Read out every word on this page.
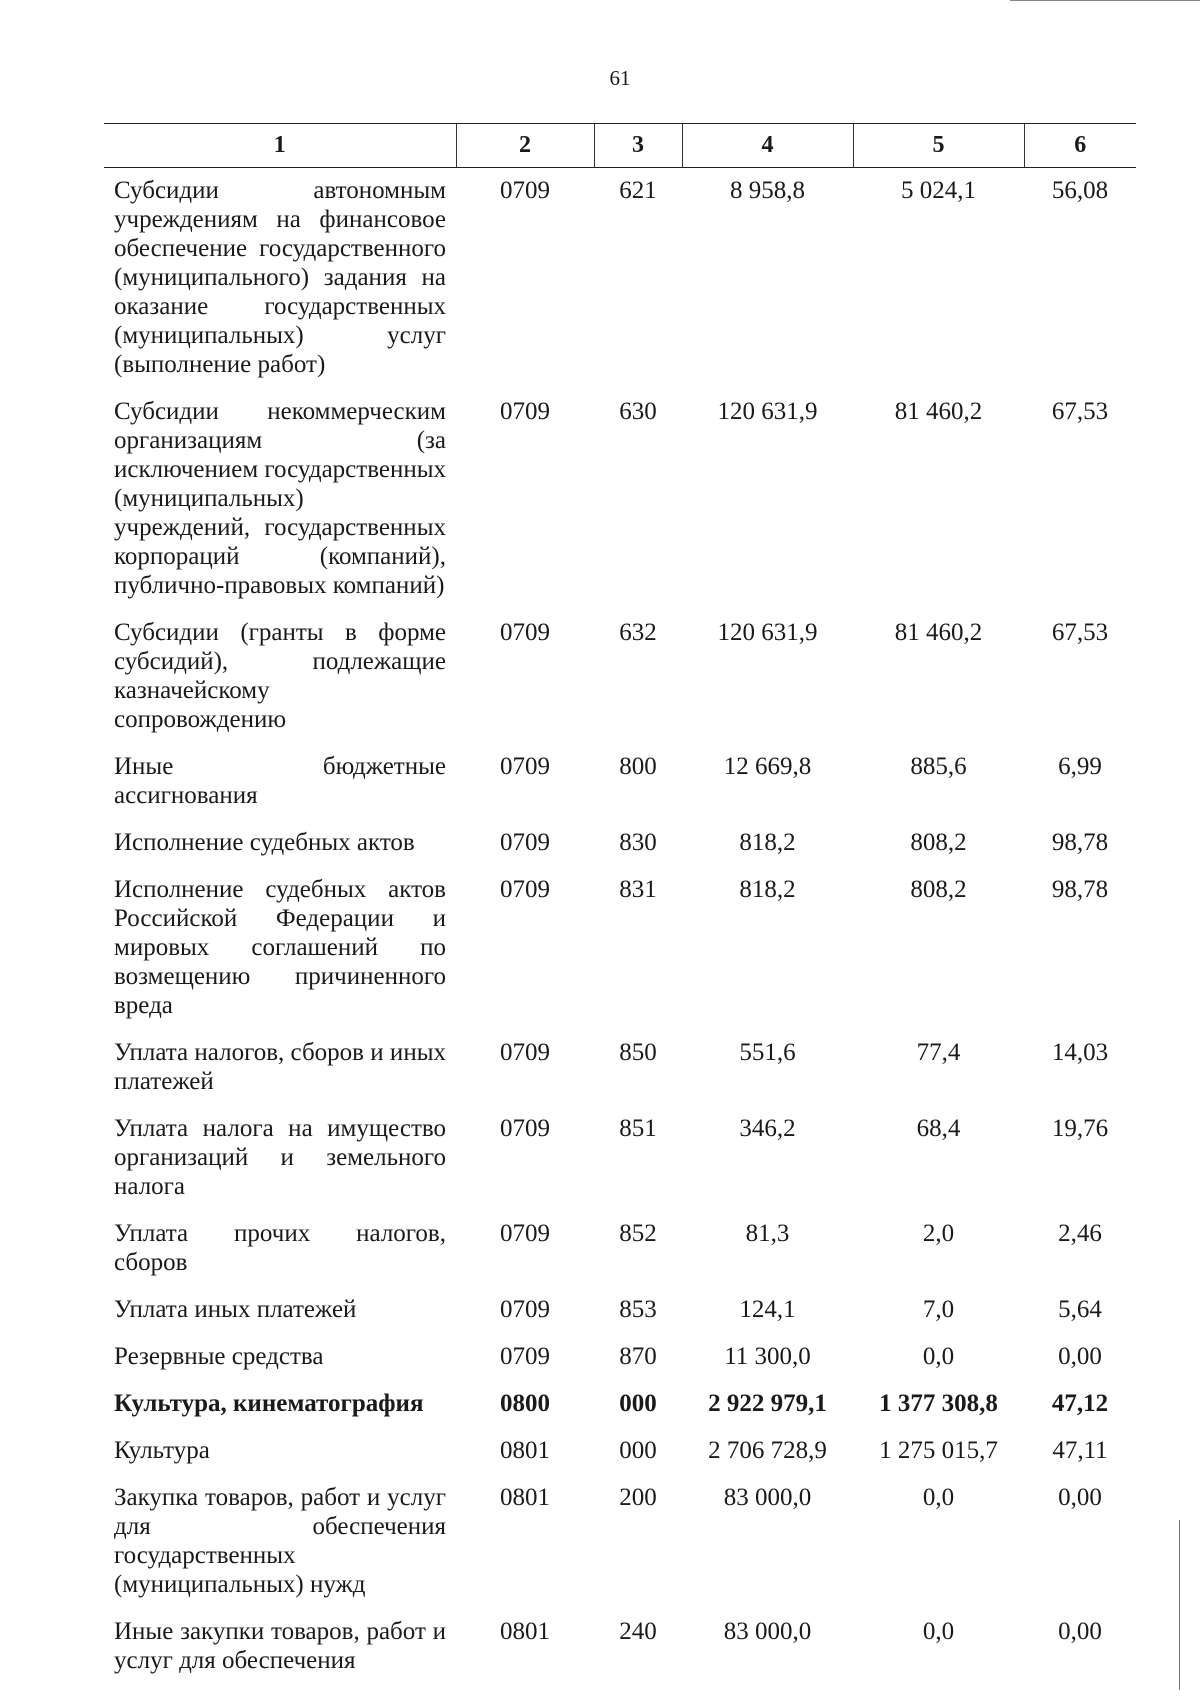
61
1	2	3	4	5	6
Субсидии автономным учреждениям на финансовое обеспечение государственного (муниципального) задания на оказание государственных (муниципальных) услуг (выполнение работ)	0709	621	8 958,8	5 024,1	56,08
Субсидии некоммерческим организациям (за исключением государственных (муниципальных) учреждений, государственных корпораций (компаний), публично-правовых компаний)	0709	630	120 631,9	81 460,2	67,53
Субсидии (гранты в форме субсидий), подлежащие казначейскому сопровождению	0709	632	120 631,9	81 460,2	67,53
Иные бюджетные ассигнования	0709	800	12 669,8	885,6	6,99
Исполнение судебных актов	0709	830	818,2	808,2	98,78
Исполнение судебных актов Российской Федерации и мировых соглашений по возмещению причиненного вреда	0709	831	818,2	808,2	98,78
Уплата налогов, сборов и иных платежей	0709	850	551,6	77,4	14,03
Уплата налога на имущество организаций и земельного налога	0709	851	346,2	68,4	19,76
Уплата прочих налогов, сборов	0709	852	81,3	2,0	2,46
Уплата иных платежей	0709	853	124,1	7,0	5,64
Резервные средства	0709	870	11 300,0	0,0	0,00
Культура, кинематография	0800	000	2 922 979,1	1 377 308,8	47,12
Культура	0801	000	2 706 728,9	1 275 015,7	47,11
Закупка товаров, работ и услуг для обеспечения государственных (муниципальных) нужд	0801	200	83 000,0	0,0	0,00
Иные закупки товаров, работ и услуг для обеспечения	0801	240	83 000,0	0,0	0,00
